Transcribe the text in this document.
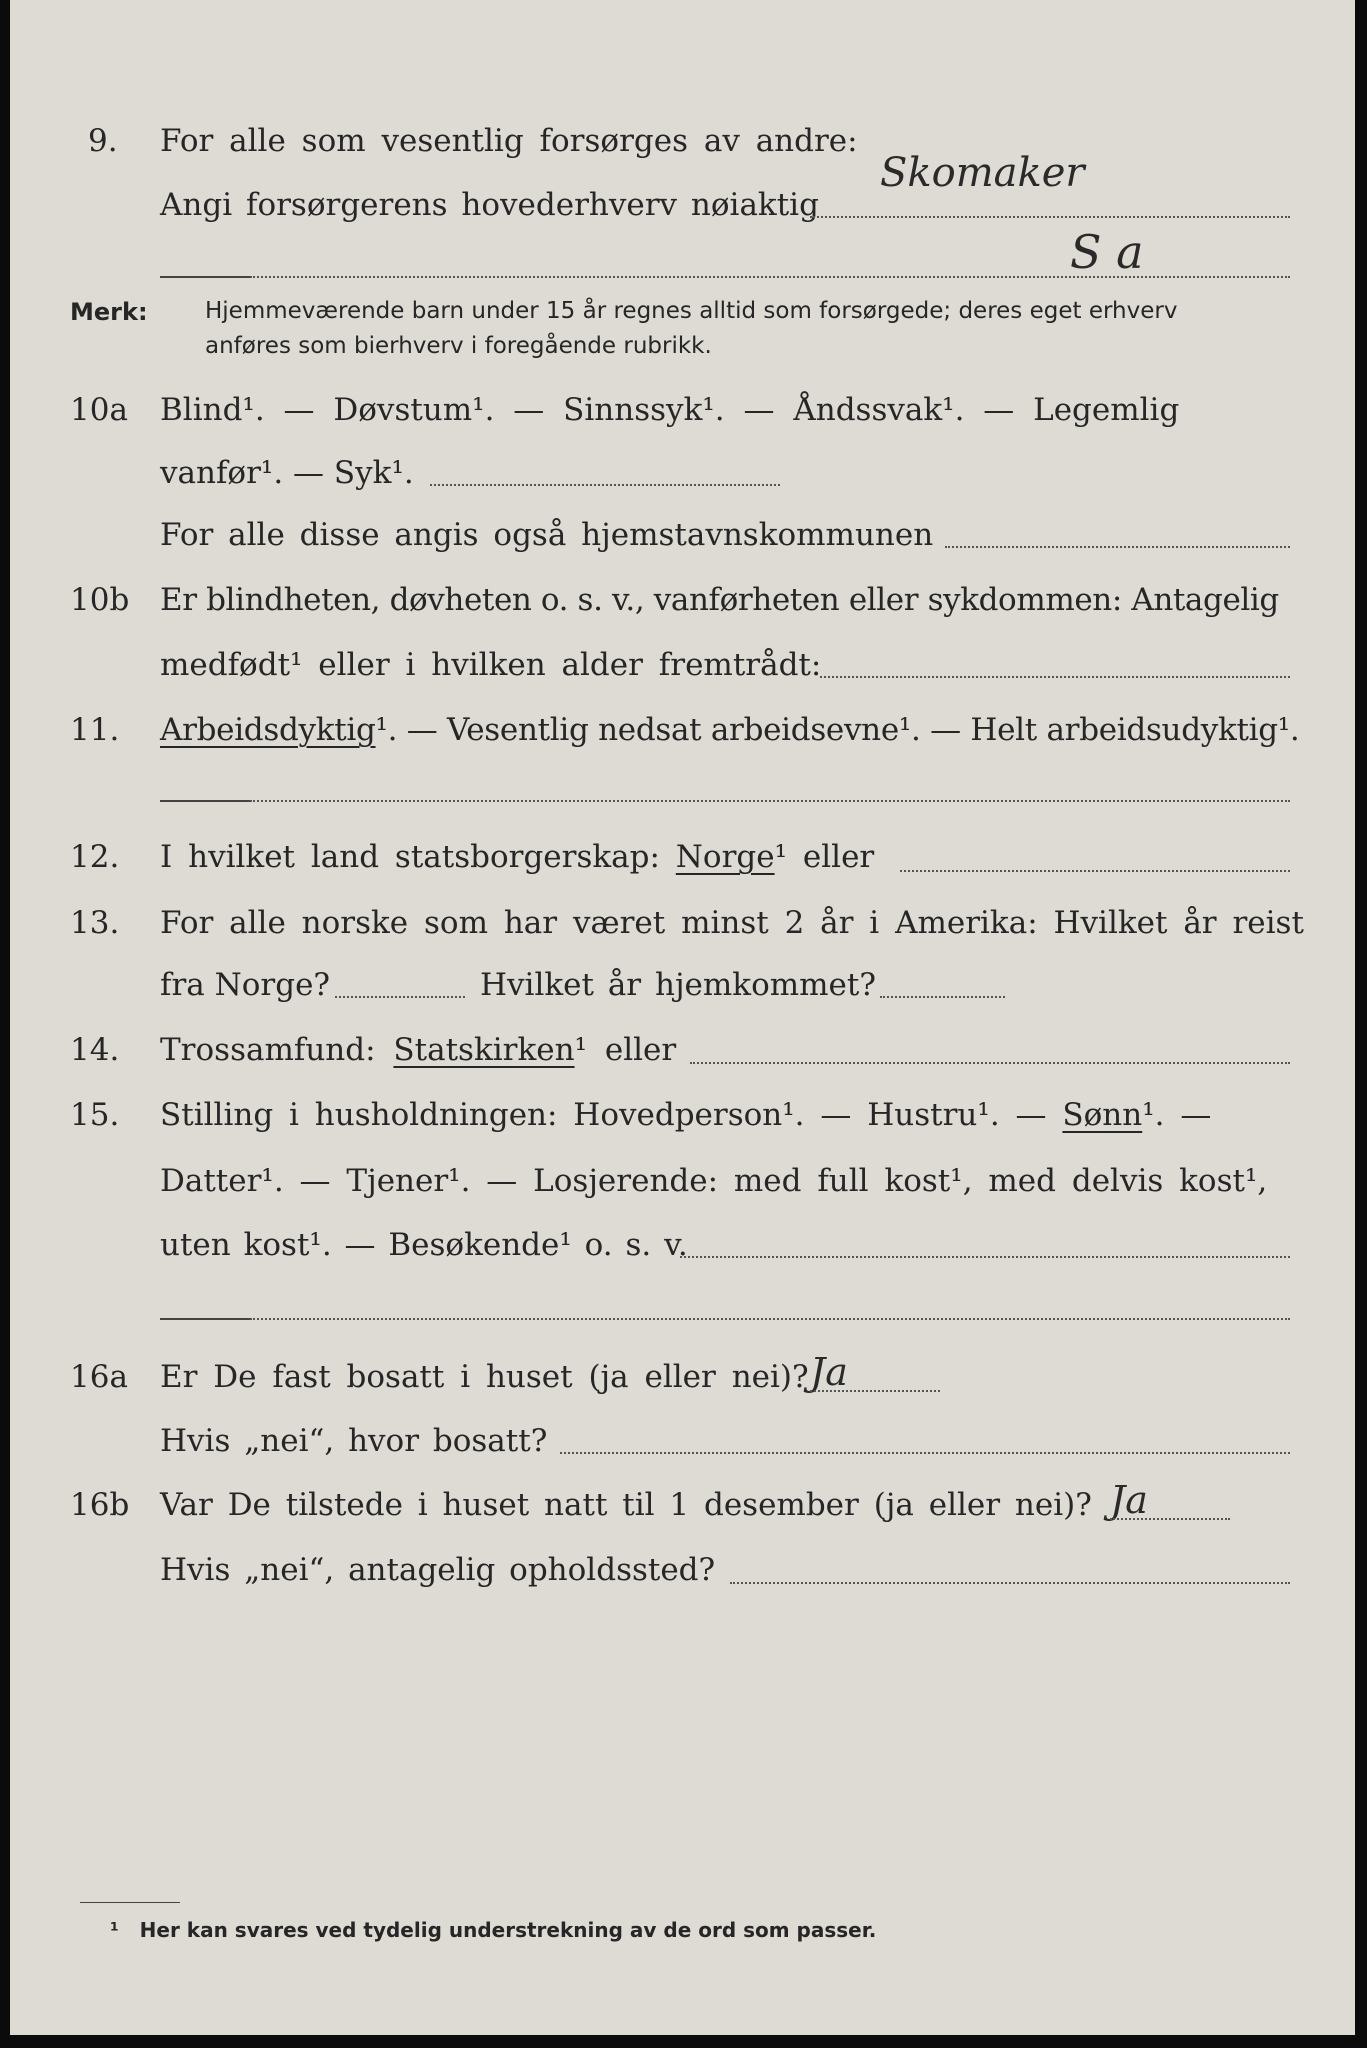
9. For alle som vesentlig forsørges av andre:
Angi forsørgerens hovederhverv nøiaktig
Skomaker
S a
Merk: Hjemmeværende barn under 15 år regnes alltid som forsørgede; deres eget erhverv
anføres som bierhverv i foregående rubrikk.
10a Blind¹. — Døvstum¹. — Sinnssyk¹. — Åndssvak¹. — Legemlig
vanfør¹. — Syk¹.
For alle disse angis også hjemstavnskommunen
10b Er blindheten, døvheten o. s. v., vanførheten eller sykdommen: Antagelig
medfødt¹ eller i hvilken alder fremtrådt:
11. Arbeidsdyktig¹. — Vesentlig nedsat arbeidsevne¹. — Helt arbeidsudyktig¹.
12. I hvilket land statsborgerskap: Norge¹ eller
13. For alle norske som har været minst 2 år i Amerika: Hvilket år reist
fra Norge?	Hvilket år hjemkommet?
14. Trossamfund: Statskirken¹ eller
15. Stilling i husholdningen: Hovedperson¹. — Hustru¹. — Sønn¹. —
Datter¹. — Tjener¹. — Losjerende: med full kost¹, med delvis kost¹,
uten kost¹. — Besøkende¹ o. s. v.
16a Er De fast bosatt i huset (ja eller nei)? Ja
Hvis „nei“, hvor bosatt?
16b Var De tilstede i huset natt til 1 desember (ja eller nei)? Ja
Hvis „nei“, antagelig opholdssted?
¹ Her kan svares ved tydelig understrekning av de ord som passer.
